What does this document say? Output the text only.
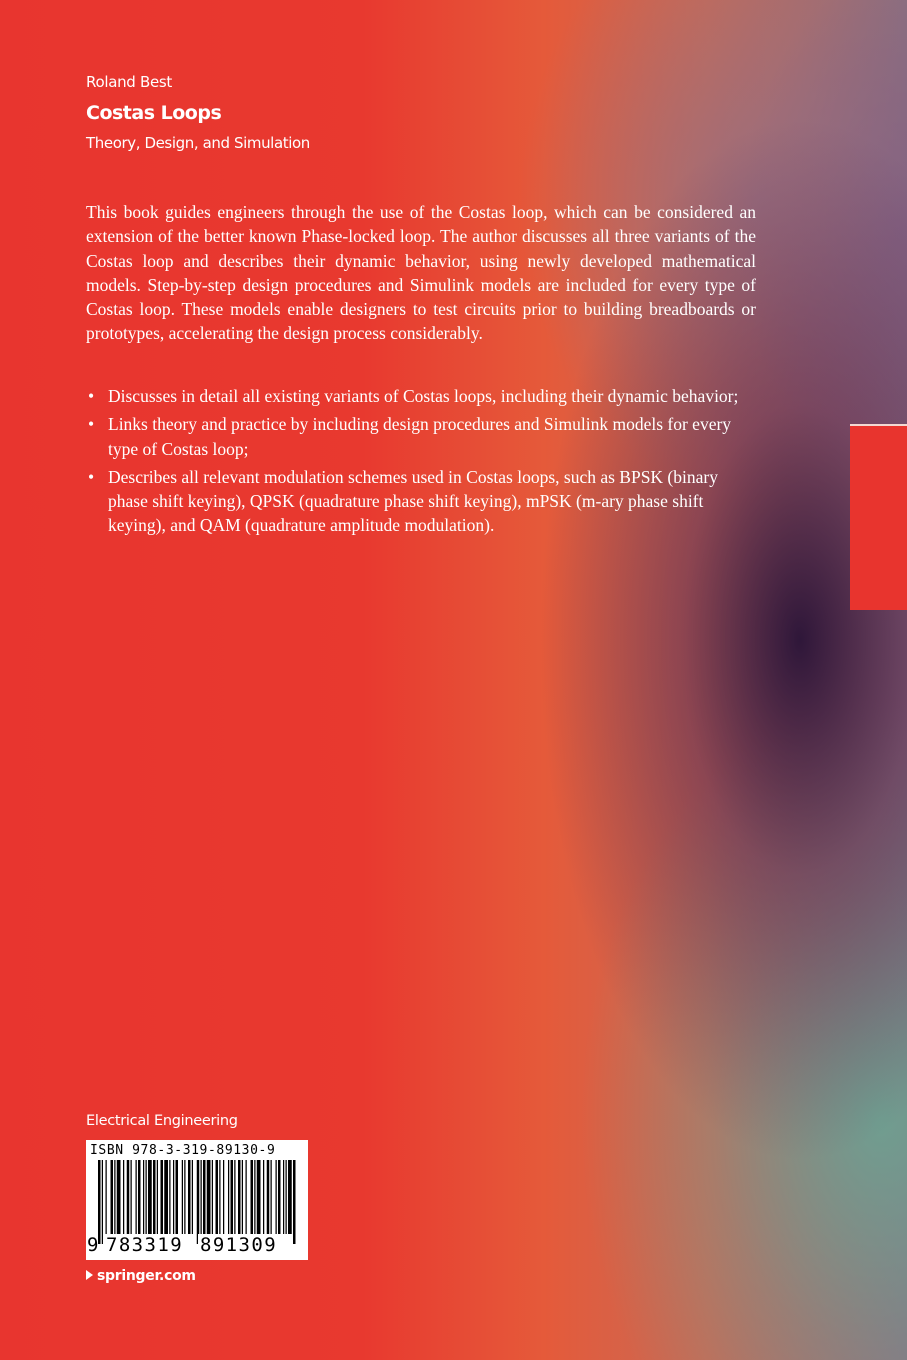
Roland Best
Costas Loops
Theory, Design, and Simulation

This book guides engineers through the use of the Costas loop, which can be considered an extension of the better known Phase-locked loop. The author discusses all three variants of the Costas loop and describes their dynamic behavior, using newly developed mathematical models. Step-by-step design procedures and Simulink models are included for every type of Costas loop. These models enable designers to test circuits prior to building breadboards or prototypes, accelerating the design process considerably.

• Discusses in detail all existing variants of Costas loops, including their dynamic behavior;
• Links theory and practice by including design procedures and Simulink models for every type of Costas loop;
• Describes all relevant modulation schemes used in Costas loops, such as BPSK (binary phase shift keying), QPSK (quadrature phase shift keying), mPSK (m-ary phase shift keying), and QAM (quadrature amplitude modulation).
Electrical Engineering
ISBN 978-3-319-89130-9
9 783319 891309
springer.com
